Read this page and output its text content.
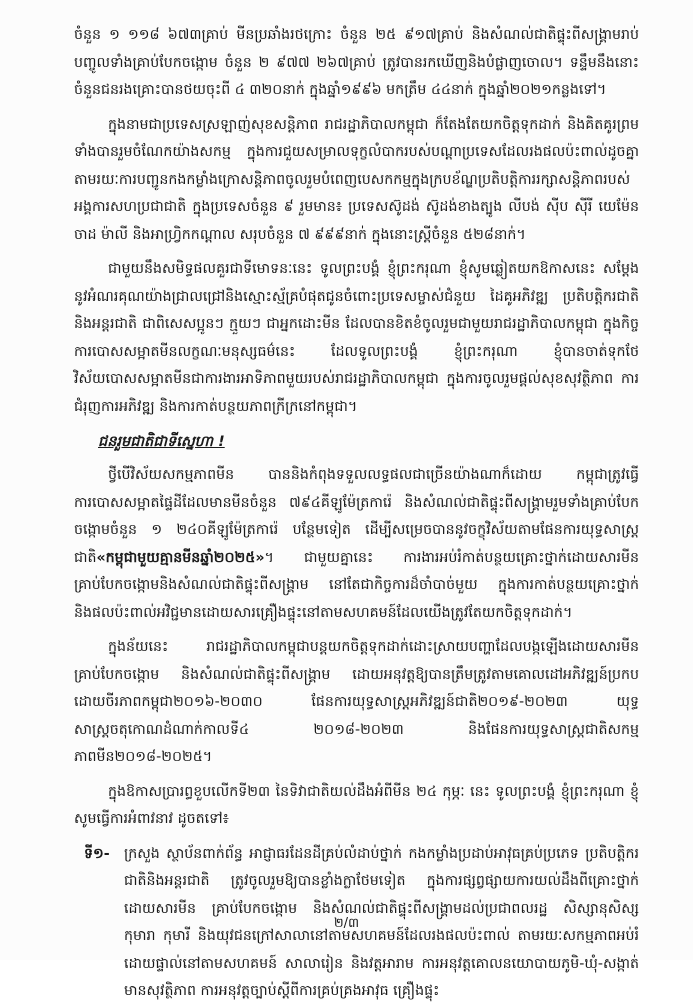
ចំនួន ១ ១១៨ ៦៧៣គ្រាប់ មីនប្រឆាំងរថក្រោះ ចំនួន ២៥ ៩១៧គ្រាប់ និងសំណល់ជាតិផ្ទុះពីសង្គ្រាមរាប់បញ្ចូលទាំងគ្រាប់បែកចង្កោម ចំនួន ២ ៩៧៧ ២៦៧គ្រាប់ ត្រូវបានរកឃើញនិងបំផ្លាញចោល។ ទន្ទឹមនឹងនោះ ចំនួនជនរងគ្រោះបានថយចុះពី ៤ ៣២០នាក់ ក្នុងឆ្នាំ១៩៩៦ មកត្រឹម ៤៤នាក់ ក្នុងឆ្នាំ២០២១កន្លងទៅ។

ក្នុងនាមជាប្រទេសស្រឡាញ់សុខសន្តិភាព រាជរដ្ឋាភិបាលកម្ពុជា ក៏តែងតែយកចិត្តទុកដាក់ និងគិតគូរព្រមទាំងបានរួមចំណែកយ៉ាងសកម្ម ក្នុងការជួយសម្រាលទុក្ខលំបាករបស់បណ្ដាប្រទេសដែលរងផលប៉ះពាល់ដូចគ្នា តាមរយៈការបញ្ជូនកងកម្លាំងក្រោសន្តិភាពចូលរួមបំពេញបេសកកម្មក្នុងក្របខ័ណ្ឌប្រតិបត្តិការរក្សាសន្តិភាពរបស់អង្គការសហប្រជាជាតិ ក្នុងប្រទេសចំនួន ៩ រួមមាន៖ ប្រទេសស៊ូដង់ ស៊ូដង់ខាងត្បូង លីបង់ ស៊ីប ស៊ីរី យេម៉ែន ចាដ ម៉ាលី និងអាហ្វ្រិកកណ្ដាល សរុបចំនួន ៧ ៩៩៩នាក់ ក្នុងនោះស្ត្រីចំនួន ៥២៨នាក់។

ជាមួយនឹងសមិទ្ធផលគួរជាទីមោទនៈនេះ ទូលព្រះបង្គំ ខ្ញុំព្រះករុណា ខ្ញុំសូមឆ្លៀតយកឱកាសនេះ សម្ដែងនូវអំណរគុណយ៉ាងជ្រាលជ្រៅនិងស្មោះស្ម័គ្របំផុតជូនចំពោះប្រទេសម្ចាស់ជំនួយ ដៃគូអភិវឌ្ឍ ប្រតិបត្តិករជាតិ និងអន្តរជាតិ ជាពិសេសប្អូនៗ ក្មួយៗ ជាអ្នកដោះមីន ដែលបានខិតខំចូលរួមជាមួយរាជរដ្ឋាភិបាលកម្ពុជា ក្នុងកិច្ចការបោសសម្អាតមីនលក្ខណៈមនុស្សធម៌នេះ ដែលទូលព្រះបង្គំ ខ្ញុំព្រះករុណា ខ្ញុំបានចាត់ទុកថែវិស័យបោសសម្អាតមីនជាការងារអាទិភាពមួយរបស់រាជរដ្ឋាភិបាលកម្ពុជា ក្នុងការចូលរួមផ្ដល់សុខសុវត្ថិភាព ការជំរុញការអភិវឌ្ឍ និងការកាត់បន្ថយភាពក្រីក្រនៅកម្ពុជា។

ជនរួមជាតិជាទីស្នេហា !

ថ្វីបើវិស័យសកម្មភាពមីន បាននិងកំពុងទទួលលទ្ធផលជាច្រើនយ៉ាងណាក៏ដោយ កម្ពុជាត្រូវធ្វើការបោសសម្អាតផ្ទៃដីដែលមានមីនចំនួន ៧៩៤គីឡូម៉ែត្រការ៉េ និងសំណល់ជាតិផ្ទុះពីសង្គ្រាមរួមទាំងគ្រាប់បែកចង្កោមចំនួន ១ ២៤០គីឡូម៉ែត្រការ៉េ បន្ថែមទៀត ដើម្បីសម្រេចបាននូវចក្ខុវិស័យតាមផែនការយុទ្ធសាស្រ្តជាតិ«កម្ពុជាមួយគ្មានមីនឆ្នាំ២០២៥»។ ជាមួយគ្នានេះ ការងារអប់រំកាត់បន្ថយគ្រោះថ្នាក់ដោយសារមីន គ្រាប់បែកចង្កោមនិងសំណល់ជាតិផ្ទុះពីសង្គ្រាម នៅតែជាកិច្ចការដ៏ចាំបាច់មួយ ក្នុងការកាត់បន្ថយគ្រោះថ្នាក់ និងផលប៉ះពាល់អវិជ្ជមានដោយសារគ្រឿងផ្ទុះនៅតាមសហគមន៍ដែលយើងត្រូវតែយកចិត្តទុកដាក់។

ក្នុងន័យនេះ រាជរដ្ឋាភិបាលកម្ពុជាបន្តយកចិត្តទុកដាក់ដោះស្រាយបញ្ហាដែលបង្កឡើងដោយសារមីន គ្រាប់បែកចង្កោម និងសំណល់ជាតិផ្ទុះពីសង្គ្រាម ដោយអនុវត្តឱ្យបានត្រឹមត្រូវតាមគោលដៅអភិវឌ្ឍន៍ប្រកបដោយចីរភាពកម្ពុជា២០១៦-២០៣០ ផែនការយុទ្ធសាស្រ្តអភិវឌ្ឍន៍ជាតិ២០១៩-២០២៣ យុទ្ធសាស្រ្តចតុកោណដំណាក់កាលទី៤ ២០១៨-២០២៣ និងផែនការយុទ្ធសាស្រ្តជាតិសកម្មភាពមីន២០១៨-២០២៥។

ក្នុងឱកាសប្រារព្ធខួបលើកទី២៣ នៃទិវាជាតិយល់ដឹងអំពីមីន ២៤ កុម្ភៈ នេះ ទូលព្រះបង្គំ ខ្ញុំព្រះករុណា ខ្ញុំសូមធ្វើការអំពាវនាវ ដូចតទៅ៖

ទី១-	ក្រសួង ស្ថាប័នពាក់ព័ន្ធ អាជ្ញាធរដែនដីគ្រប់លំដាប់ថ្នាក់ កងកម្លាំងប្រដាប់អាវុធគ្រប់ប្រភេទ ប្រតិបត្តិករជាតិនិងអន្តរជាតិ ត្រូវចូលរួមឱ្យបានខ្លាំងក្លាថែមទៀត ក្នុងការផ្សព្វផ្សាយការយល់ដឹងពីគ្រោះថ្នាក់ដោយសារមីន គ្រាប់បែកចង្កោម និងសំណល់ជាតិផ្ទុះពីសង្គ្រាមដល់ប្រជាពលរដ្ឋ សិស្សានុសិស្ស កុមារា កុមារី និងយុវជនក្រៅសាលានៅតាមសហគមន៍ដែលរងផលប៉ះពាល់ តាមរយៈសកម្មភាពអប់រំដោយផ្ទាល់នៅតាមសហគមន៍ សាលារៀន និងវត្តអារាម ការអនុវត្តគោលនយោបាយភូមិ-ឃុំ-សង្កាត់មានសុវត្ថិភាព ការអនុវត្តច្បាប់ស្តីពីការគ្រប់គ្រងអាវុធ គ្រឿងផ្ទុះ
២/៣
